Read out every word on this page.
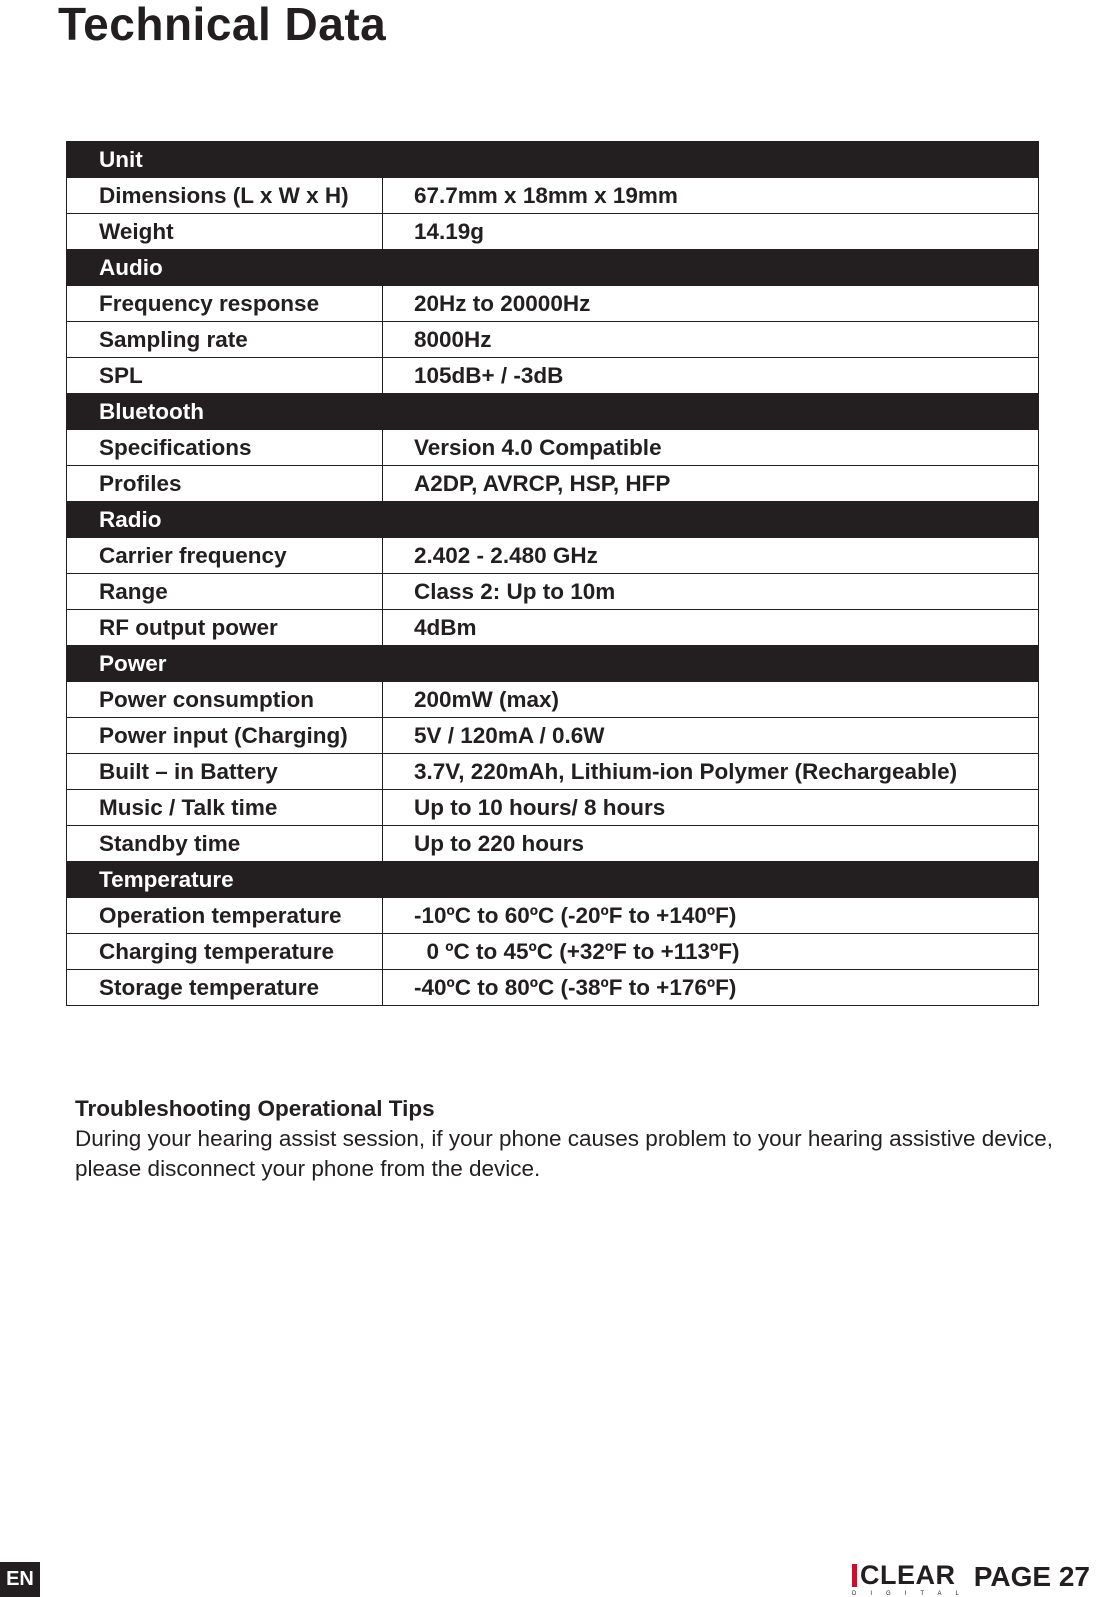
Technical Data
Unit	
Dimensions (L x W x H)	67.7mm x 18mm x 19mm
Weight	14.19g
Audio	
Frequency response	20Hz to 20000Hz
Sampling rate	8000Hz
SPL	105dB+ / -3dB
Bluetooth	
Specifications	Version 4.0 Compatible
Profiles	A2DP, AVRCP, HSP, HFP
Radio	
Carrier frequency	2.402 - 2.480 GHz
Range	Class 2: Up to 10m
RF output power	4dBm
Power	
Power consumption	200mW (max)
Power input (Charging)	5V / 120mA / 0.6W
Built – in Battery	3.7V, 220mAh, Lithium-ion Polymer (Rechargeable)
Music / Talk time	Up to 10 hours/ 8 hours
Standby time	Up to 220 hours
Temperature	
Operation temperature	-10ºC to 60ºC (-20ºF to +140ºF)
Charging temperature	0 ºC to 45ºC (+32ºF to +113ºF)
Storage temperature	-40ºC to 80ºC (-38ºF to +176ºF)
Troubleshooting Operational Tips
During your hearing assist session, if your phone causes problem to your hearing assistive device, please disconnect your phone from the device.
EN	CLEAR
DIGITAL
PAGE 27
